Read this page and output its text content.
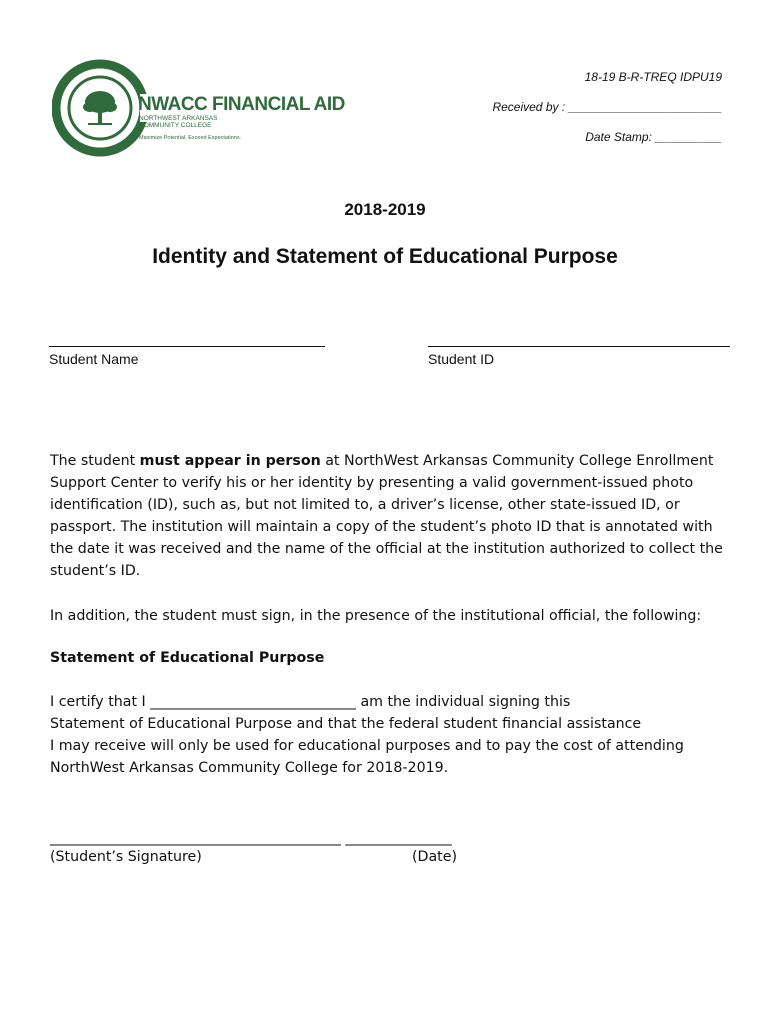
NWACC FINANCIAL AID
NORTHWEST ARKANSAS COMMUNITY COLLEGE
Maximize Potential. Exceed Expectations.
18-19 B-R-TREQ IDPU19
Received by : _______________________
Date Stamp: __________
2018-2019
Identity and Statement of Educational Purpose
Student Name	Student ID
The student must appear in person at NorthWest Arkansas Community College Enrollment Support Center to verify his or her identity by presenting a valid government-issued photo identification (ID), such as, but not limited to, a driver’s license, other state-issued ID, or passport. The institution will maintain a copy of the student’s photo ID that is annotated with the date it was received and the name of the official at the institution authorized to collect the student’s ID.
In addition, the student must sign, in the presence of the institutional official, the following:
Statement of Educational Purpose
I certify that I _____________________________ am the individual signing this
Statement of Educational Purpose and that the federal student financial assistance
I may receive will only be used for educational purposes and to pay the cost of attending
NorthWest Arkansas Community College for 2018-2019.
_________________________________________ _______________
(Student’s Signature)	(Date)
